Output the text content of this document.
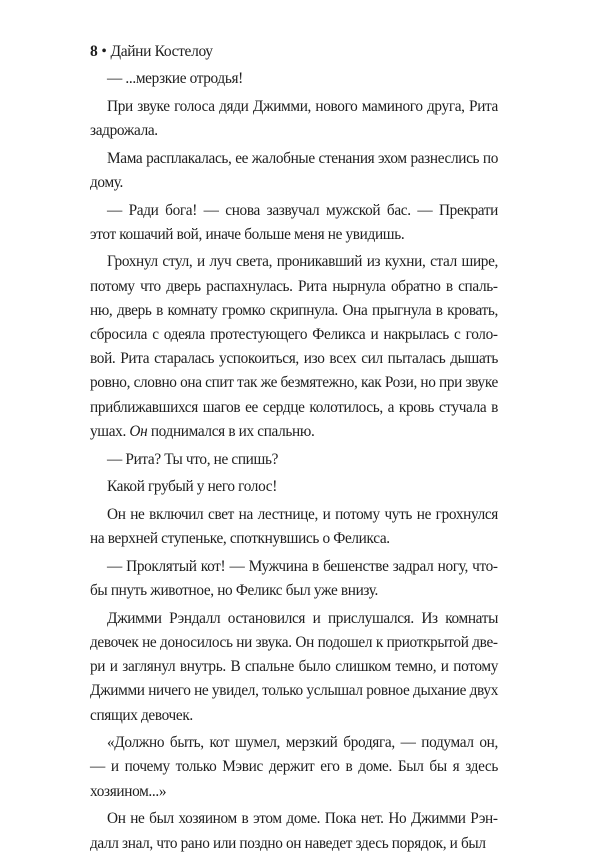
8 • Дайни Костелоу

— ...мерзкие отродья!

При звуке голоса дяди Джимми, нового маминого друга, Рита задрожала.

Мама расплакалась, ее жалобные стенания эхом разнеслись по дому.

— Ради бога! — снова зазвучал мужской бас. — Прекрати этот кошачий вой, иначе больше меня не увидишь.

Грохнул стул, и луч света, проникавший из кухни, стал шире, потому что дверь распахнулась. Рита нырнула обратно в спальню, дверь в комнату громко скрипнула. Она прыгнула в кровать, сбросила с одеяла протестующего Феликса и накрылась с головой. Рита старалась успокоиться, изо всех сил пыталась дышать ровно, словно она спит так же безмятежно, как Рози, но при звуке приближавшихся шагов ее сердце колотилось, а кровь стучала в ушах. Он поднимался в их спальню.

— Рита? Ты что, не спишь?

Какой грубый у него голос!

Он не включил свет на лестнице, и потому чуть не грохнулся на верхней ступеньке, споткнувшись о Феликса.

— Проклятый кот! — Мужчина в бешенстве задрал ногу, чтобы пнуть животное, но Феликс был уже внизу.

Джимми Рэндалл остановился и прислушался. Из комнаты девочек не доносилось ни звука. Он подошел к приоткрытой двери и заглянул внутрь. В спальне было слишком темно, и потому Джимми ничего не увидел, только услышал ровное дыхание двух спящих девочек.

«Должно быть, кот шумел, мерзкий бродяга, — подумал он, — и почему только Мэвис держит его в доме. Был бы я здесь хозяином...»

Он не был хозяином в этом доме. Пока нет. Но Джимми Рэндалл знал, что рано или поздно он наведет здесь порядок, и был
